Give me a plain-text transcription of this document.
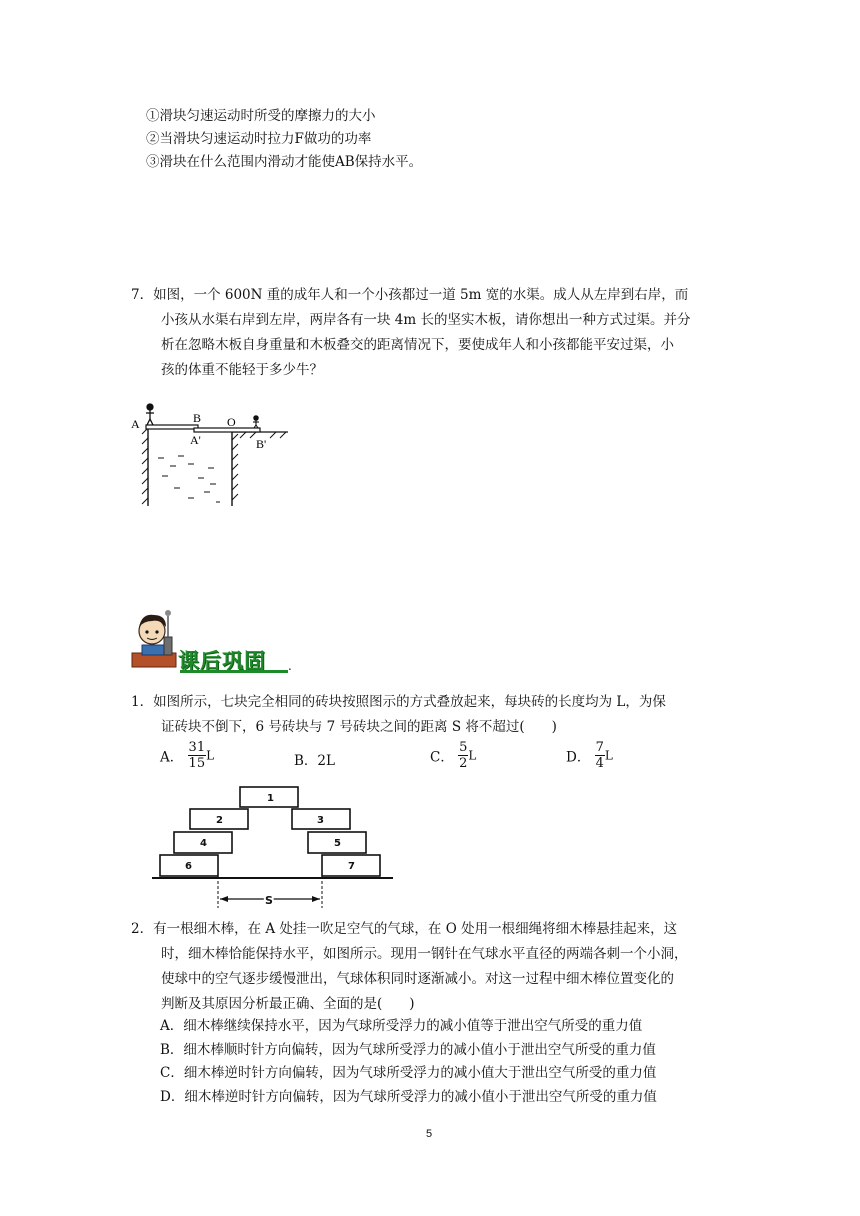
①滑块匀速运动时所受的摩擦力的大小
②当滑块匀速运动时拉力F做功的功率
③滑块在什么范围内滑动才能使AB保持水平。
7．如图，一个 600N 重的成年人和一个小孩都过一道 5m 宽的水渠。成人从左岸到右岸，而
小孩从水渠右岸到左岸，两岸各有一块 4m 长的坚实木板，请你想出一种方式过渠。并分
析在忽略木板自身重量和木板叠交的距离情况下，要使成年人和小孩都能平安过渠，小
孩的体重不能轻于多少牛？
A	B O
A'	B'
课后巩固 .
1．如图所示，七块完全相同的砖块按照图示的方式叠放起来，每块砖的长度均为 L，为保
证砖块不倒下，6 号砖块与 7 号砖块之间的距离 S 将不超过(　　)
A． $\frac{31}{15}$ L	B．2L	C． $\frac{5}{2}$ L	D． $\frac{7}{4}$ L
1
2	3
4	5
6	7
S
2．有一根细木棒，在 A 处挂一吹足空气的气球，在 O 处用一根细绳将细木棒悬挂起来，这
时，细木棒恰能保持水平，如图所示。现用一钢针在气球水平直径的两端各刺一个小洞，
使球中的空气逐步缓慢泄出，气球体积同时逐渐减小。对这一过程中细木棒位置变化的
判断及其原因分析最正确、全面的是(　　)
A．细木棒继续保持水平，因为气球所受浮力的减小值等于泄出空气所受的重力值
B．细木棒顺时针方向偏转，因为气球所受浮力的减小值小于泄出空气所受的重力值
C．细木棒逆时针方向偏转，因为气球所受浮力的减小值大于泄出空气所受的重力值
D．细木棒逆时针方向偏转，因为气球所受浮力的减小值小于泄出空气所受的重力值
5
